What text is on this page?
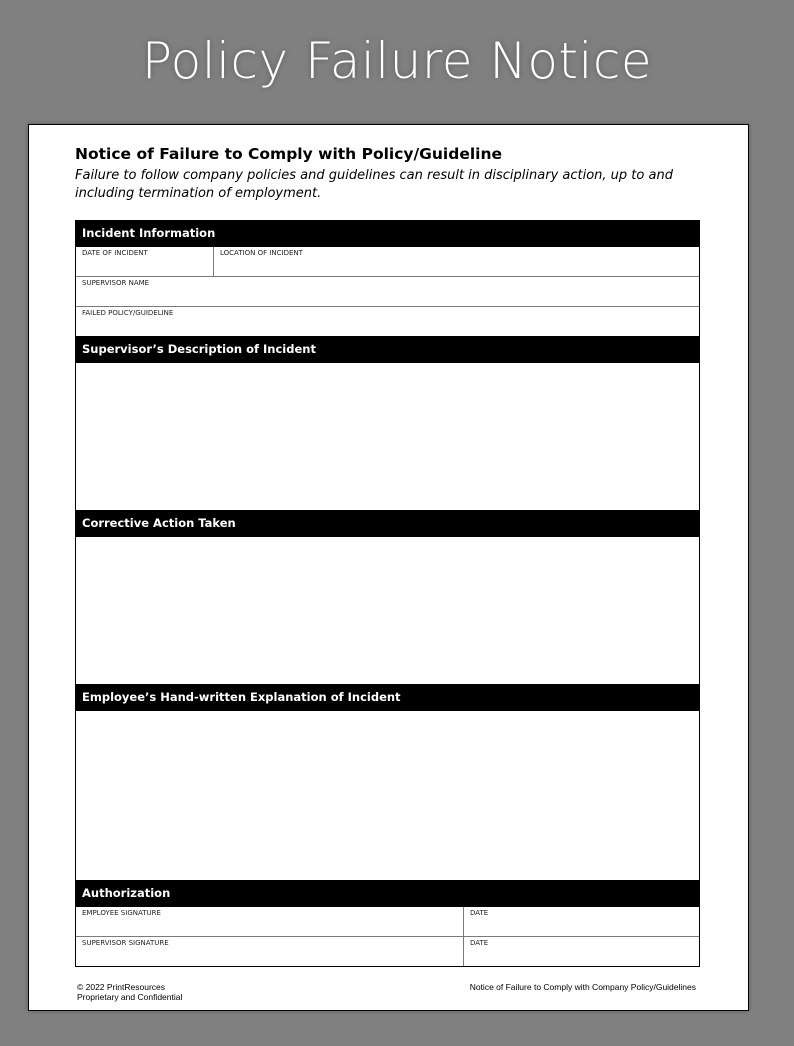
Policy Failure Notice
Notice of Failure to Comply with Policy/Guideline
Failure to follow company policies and guidelines can result in disciplinary action, up to and including termination of employment.
Incident Information
DATE OF INCIDENT	LOCATION OF INCIDENT
SUPERVISOR NAME
FAILED POLICY/GUIDELINE
Supervisor’s Description of Incident
Corrective Action Taken
Employee’s Hand-written Explanation of Incident
Authorization
EMPLOYEE SIGNATURE	DATE
SUPERVISOR SIGNATURE	DATE
© 2022 PrintResources
Proprietary and Confidential
Notice of Failure to Comply with Company Policy/Guidelines
